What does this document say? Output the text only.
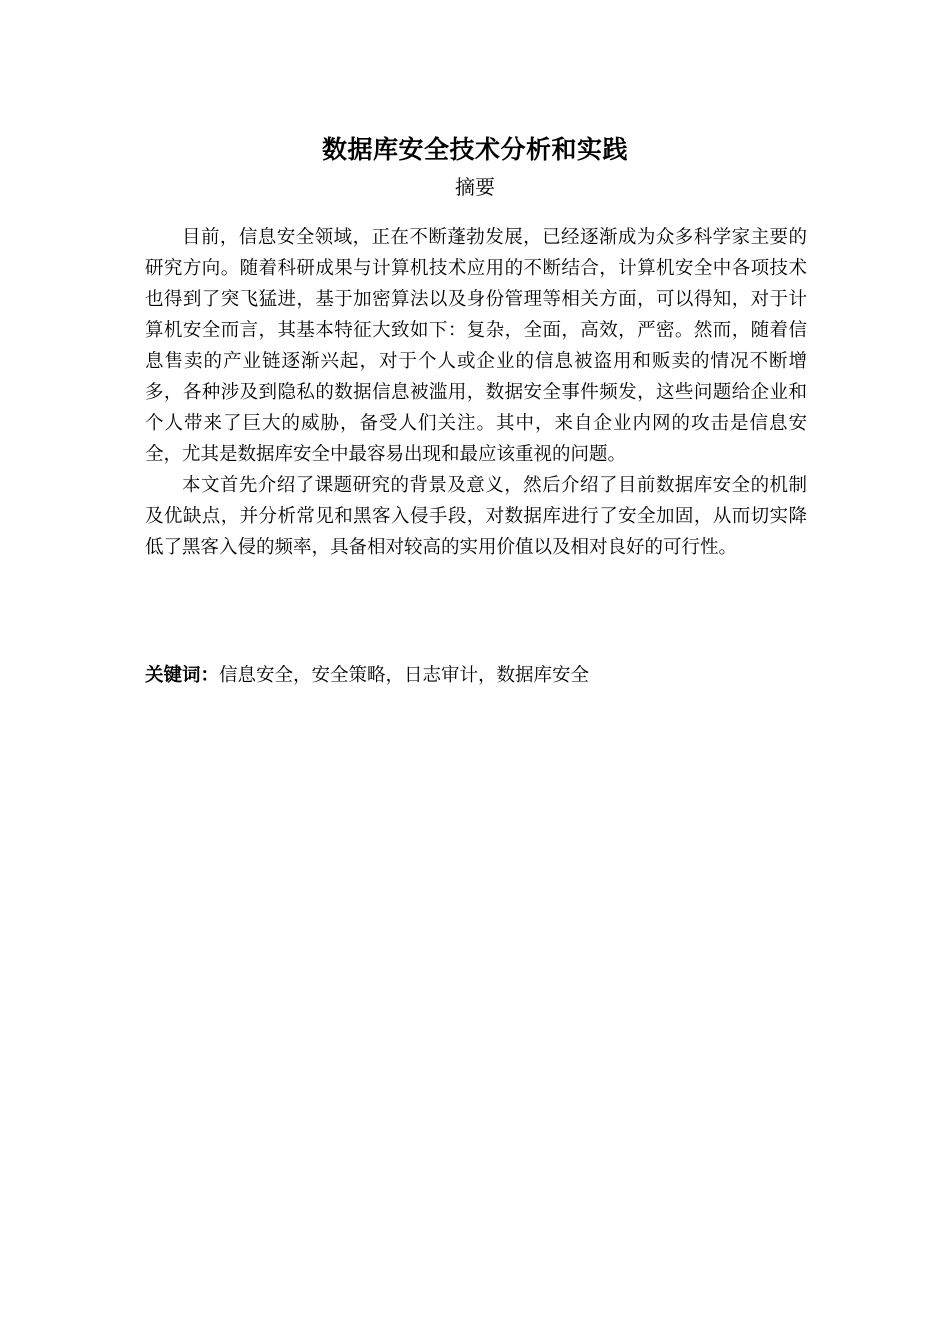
数据库安全技术分析和实践
摘要

目前，信息安全领域，正在不断蓬勃发展，已经逐渐成为众多科学家主要的研究方向。随着科研成果与计算机技术应用的不断结合，计算机安全中各项技术也得到了突飞猛进，基于加密算法以及身份管理等相关方面，可以得知，对于计算机安全而言，其基本特征大致如下：复杂，全面，高效，严密。然而，随着信息售卖的产业链逐渐兴起，对于个人或企业的信息被盗用和贩卖的情况不断增多，各种涉及到隐私的数据信息被滥用，数据安全事件频发，这些问题给企业和个人带来了巨大的威胁，备受人们关注。其中，来自企业内网的攻击是信息安全，尤其是数据库安全中最容易出现和最应该重视的问题。

本文首先介绍了课题研究的背景及意义，然后介绍了目前数据库安全的机制及优缺点，并分析常见和黑客入侵手段，对数据库进行了安全加固，从而切实降低了黑客入侵的频率，具备相对较高的实用价值以及相对良好的可行性。

关键词：信息安全，安全策略，日志审计，数据库安全
